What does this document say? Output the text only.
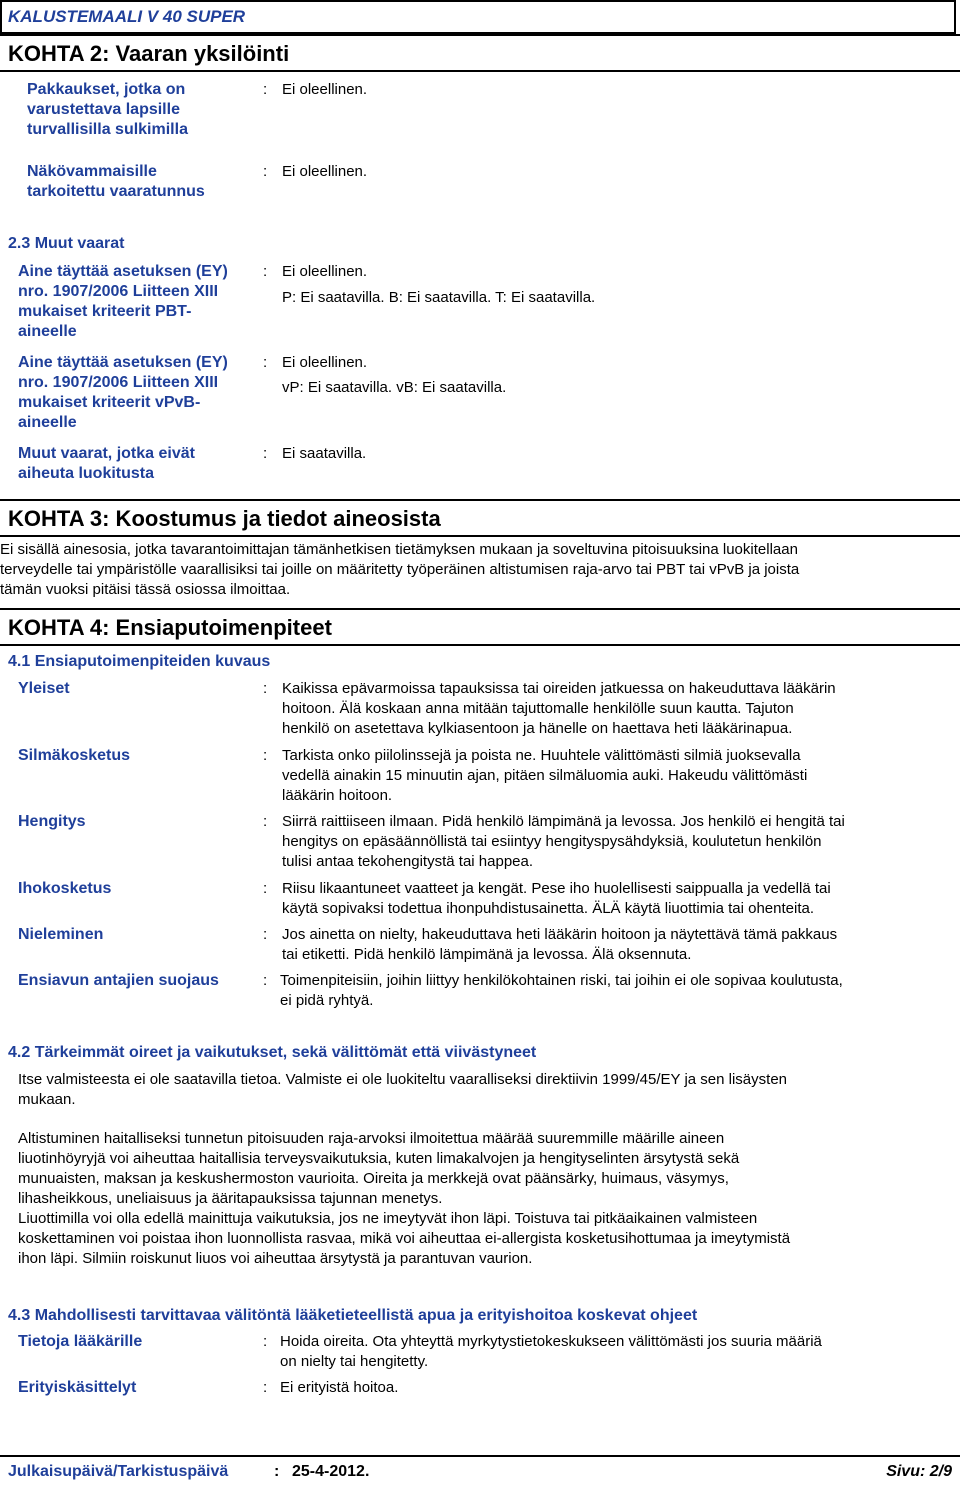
KALUSTEMAALI V 40 SUPER
KOHTA 2: Vaaran yksilöinti
Pakkaukset, jotka on
varustettava lapsille
turvallisilla sulkimilla
: Ei oleellinen.
Näkövammaisille
tarkoitettu vaaratunnus
: Ei oleellinen.
2.3 Muut vaarat
Aine täyttää asetuksen (EY)
nro. 1907/2006 Liitteen XIII
mukaiset kriteerit PBT-
aineelle
: Ei oleellinen.
P: Ei saatavilla. B: Ei saatavilla. T: Ei saatavilla.
Aine täyttää asetuksen (EY)
nro. 1907/2006 Liitteen XIII
mukaiset kriteerit vPvB-
aineelle
: Ei oleellinen.
vP: Ei saatavilla. vB: Ei saatavilla.
Muut vaarat, jotka eivät
aiheuta luokitusta
: Ei saatavilla.
KOHTA 3: Koostumus ja tiedot aineosista
Ei sisällä ainesosia, jotka tavarantoimittajan tämänhetkisen tietämyksen mukaan ja soveltuvina pitoisuuksina luokitellaan
terveydelle tai ympäristölle vaarallisiksi tai joille on määritetty työperäinen altistumisen raja-arvo tai PBT tai vPvB ja joista
tämän vuoksi pitäisi tässä osiossa ilmoittaa.
KOHTA 4: Ensiaputoimenpiteet
4.1 Ensiaputoimenpiteiden kuvaus
Yleiset	: Kaikissa epävarmoissa tapauksissa tai oireiden jatkuessa on hakeuduttava lääkärin
hoitoon. Älä koskaan anna mitään tajuttomalle henkilölle suun kautta. Tajuton
henkilö on asetettava kylkiasentoon ja hänelle on haettava heti lääkärinapua.
Silmäkosketus	: Tarkista onko piilolinssejä ja poista ne. Huuhtele välittömästi silmiä juoksevalla
vedellä ainakin 15 minuutin ajan, pitäen silmäluomia auki. Hakeudu välittömästi
lääkärin hoitoon.
Hengitys	: Siirrä raittiiseen ilmaan. Pidä henkilö lämpimänä ja levossa. Jos henkilö ei hengitä tai
hengitys on epäsäännöllistä tai esiintyy hengityspysähdyksiä, koulutetun henkilön
tulisi antaa tekohengitystä tai happea.
Ihokosketus	: Riisu likaantuneet vaatteet ja kengät. Pese iho huolellisesti saippualla ja vedellä tai
käytä sopivaksi todettua ihonpuhdistusainetta. ÄLÄ käytä liuottimia tai ohenteita.
Nieleminen	: Jos ainetta on nielty, hakeuduttava heti lääkärin hoitoon ja näytettävä tämä pakkaus
tai etiketti. Pidä henkilö lämpimänä ja levossa. Älä oksennuta.
Ensiavun antajien suojaus	: Toimenpiteisiin, joihin liittyy henkilökohtainen riski, tai joihin ei ole sopivaa koulutusta,
ei pidä ryhtyä.
4.2 Tärkeimmät oireet ja vaikutukset, sekä välittömät että viivästyneet
Itse valmisteesta ei ole saatavilla tietoa. Valmiste ei ole luokiteltu vaaralliseksi direktiivin 1999/45/EY ja sen lisäysten
mukaan.
Altistuminen haitalliseksi tunnetun pitoisuuden raja-arvoksi ilmoitettua määrää suuremmille määrille aineen
liuotinhöyryjä voi aiheuttaa haitallisia terveysvaikutuksia, kuten limakalvojen ja hengityselinten ärsytystä sekä
munuaisten, maksan ja keskushermoston vaurioita. Oireita ja merkkejä ovat päänsärky, huimaus, väsymys,
lihasheikkous, uneliaisuus ja ääritapauksissa tajunnan menetys.
Liuottimilla voi olla edellä mainittuja vaikutuksia, jos ne imeytyvät ihon läpi. Toistuva tai pitkäaikainen valmisteen
koskettaminen voi poistaa ihon luonnollista rasvaa, mikä voi aiheuttaa ei-allergista kosketusihottumaa ja imeytymistä
ihon läpi. Silmiin roiskunut liuos voi aiheuttaa ärsytystä ja parantuvan vaurion.
4.3 Mahdollisesti tarvittavaa välitöntä lääketieteellistä apua ja erityishoitoa koskevat ohjeet
Tietoja lääkärille	: Hoida oireita. Ota yhteyttä myrkytystietokeskukseen välittömästi jos suuria määriä
on nielty tai hengitetty.
Erityiskäsittelyt	: Ei erityistä hoitoa.
Julkaisupäivä/Tarkistuspäivä	: 25-4-2012.	Sivu: 2/9
